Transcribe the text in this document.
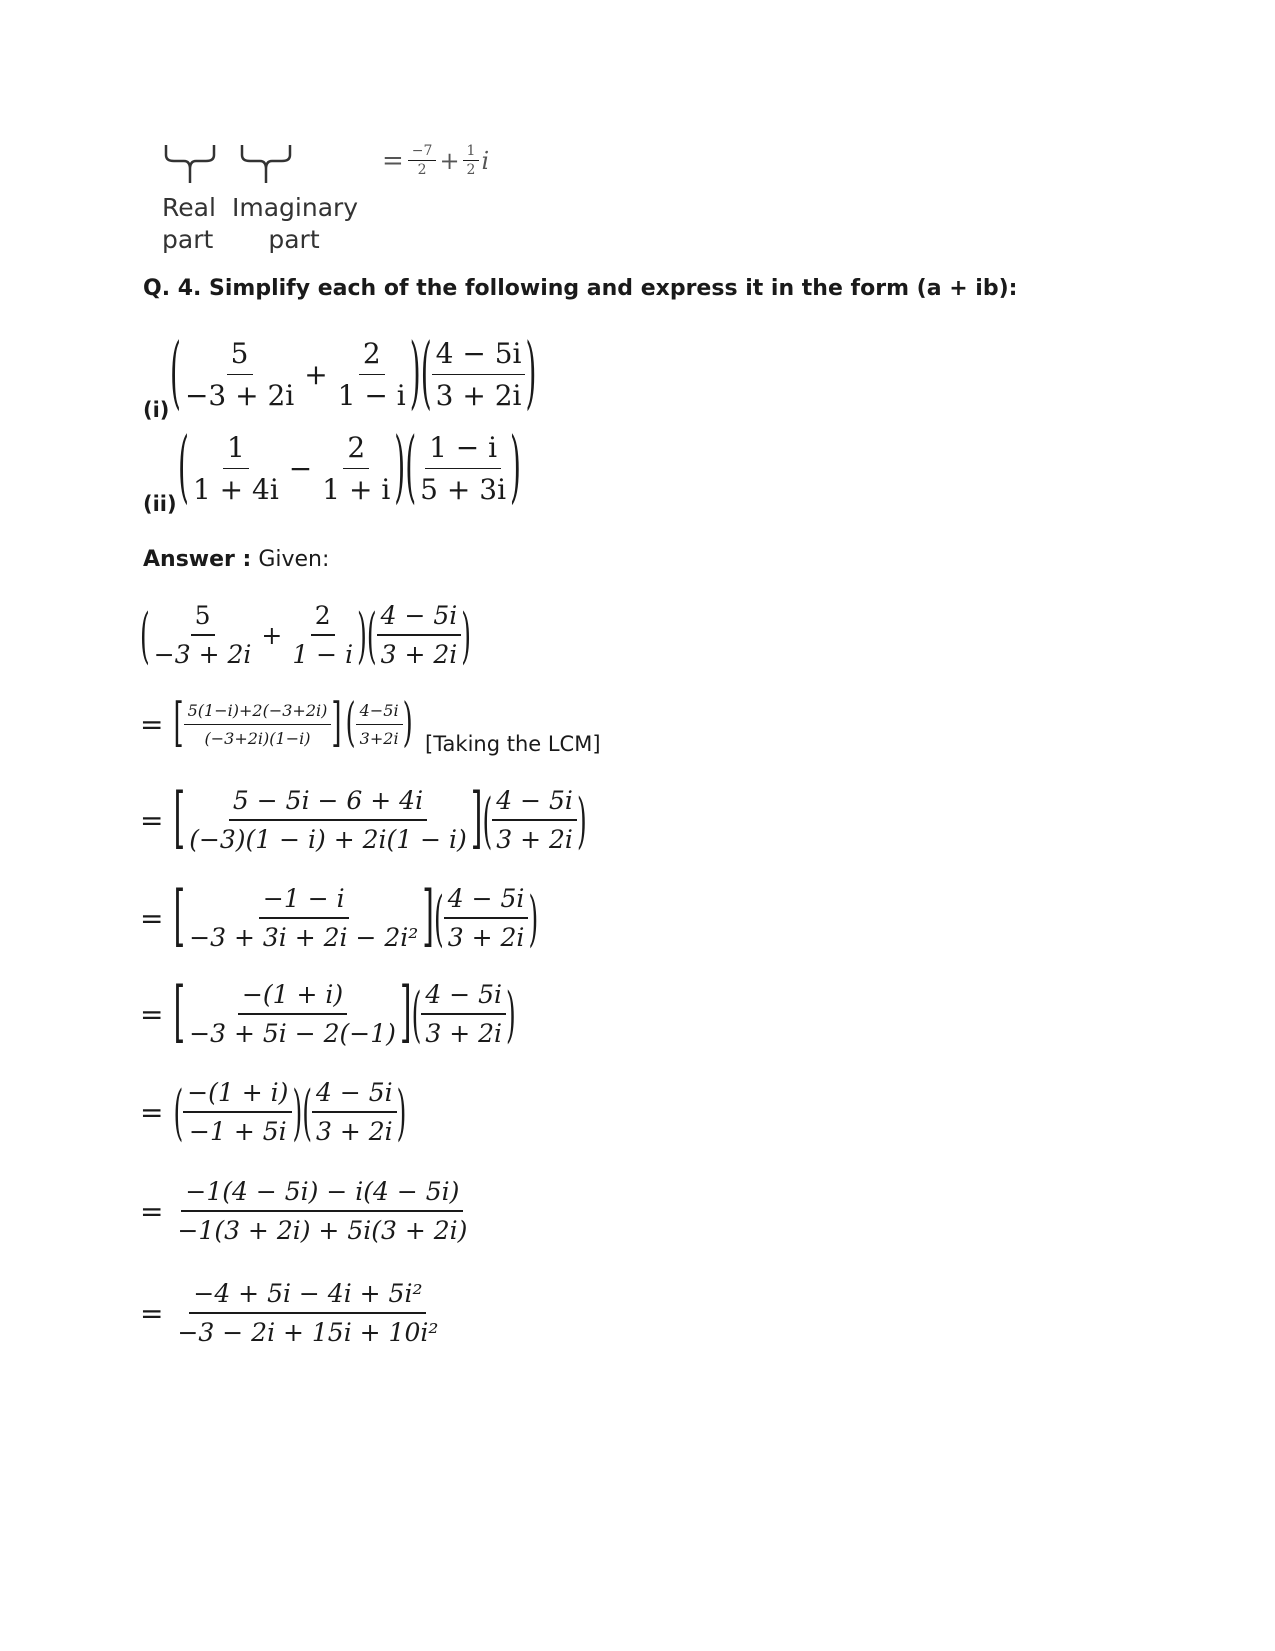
Real
part
Imaginary
part
= $\frac{-7}{2} + \frac{1}{2}$ i
Q. 4. Simplify each of the following and express it in the form (a + ib):
(i) ( $\frac{5}{-3 + 2i} + \frac{2}{1 - i}$ ) ( $\frac{4 - 5i}{3 + 2i}$ )
(ii) ( $\frac{1}{1 + 4i} - \frac{2}{1 + i}$ ) ( $\frac{1 - i}{5 + 3i}$ )
Answer : Given:
( $\frac{5}{-3 + 2i} + \frac{2}{1 - i}$ ) ( $\frac{4 - 5i}{3 + 2i}$ )
= [ $\frac{5(1-i)+2(-3+2i)}{(-3+2i)(1-i)}$ ] ( $\frac{4-5i}{3+2i}$ ) [Taking the LCM]
= [ $\frac{5 - 5i - 6 + 4i}{(-3)(1 - i) + 2i(1 - i)}$ ] ( $\frac{4 - 5i}{3 + 2i}$ )
= [ $\frac{-1 - i}{\text{−3 + 3i + 2i − 2i²}}$ ] ( $\frac{4 - 5i}{3 + 2i}$ )
= [ $\frac{-(1 + i)}{-3 + 5i - 2(-1)}$ ] ( $\frac{4 - 5i}{3 + 2i}$ )
= ( $\frac{-(1 + i)}{-1 + 5i}$ ) ( $\frac{4 - 5i}{3 + 2i}$ )
= $\frac{-1(4 - 5i) - i(4 - 5i)}{-1(3 + 2i) + 5i(3 + 2i)}$
= $\frac{\text{−4 + 5i − 4i + 5i²}}{\text{−3 − 2i + 15i + 10i²}}$
